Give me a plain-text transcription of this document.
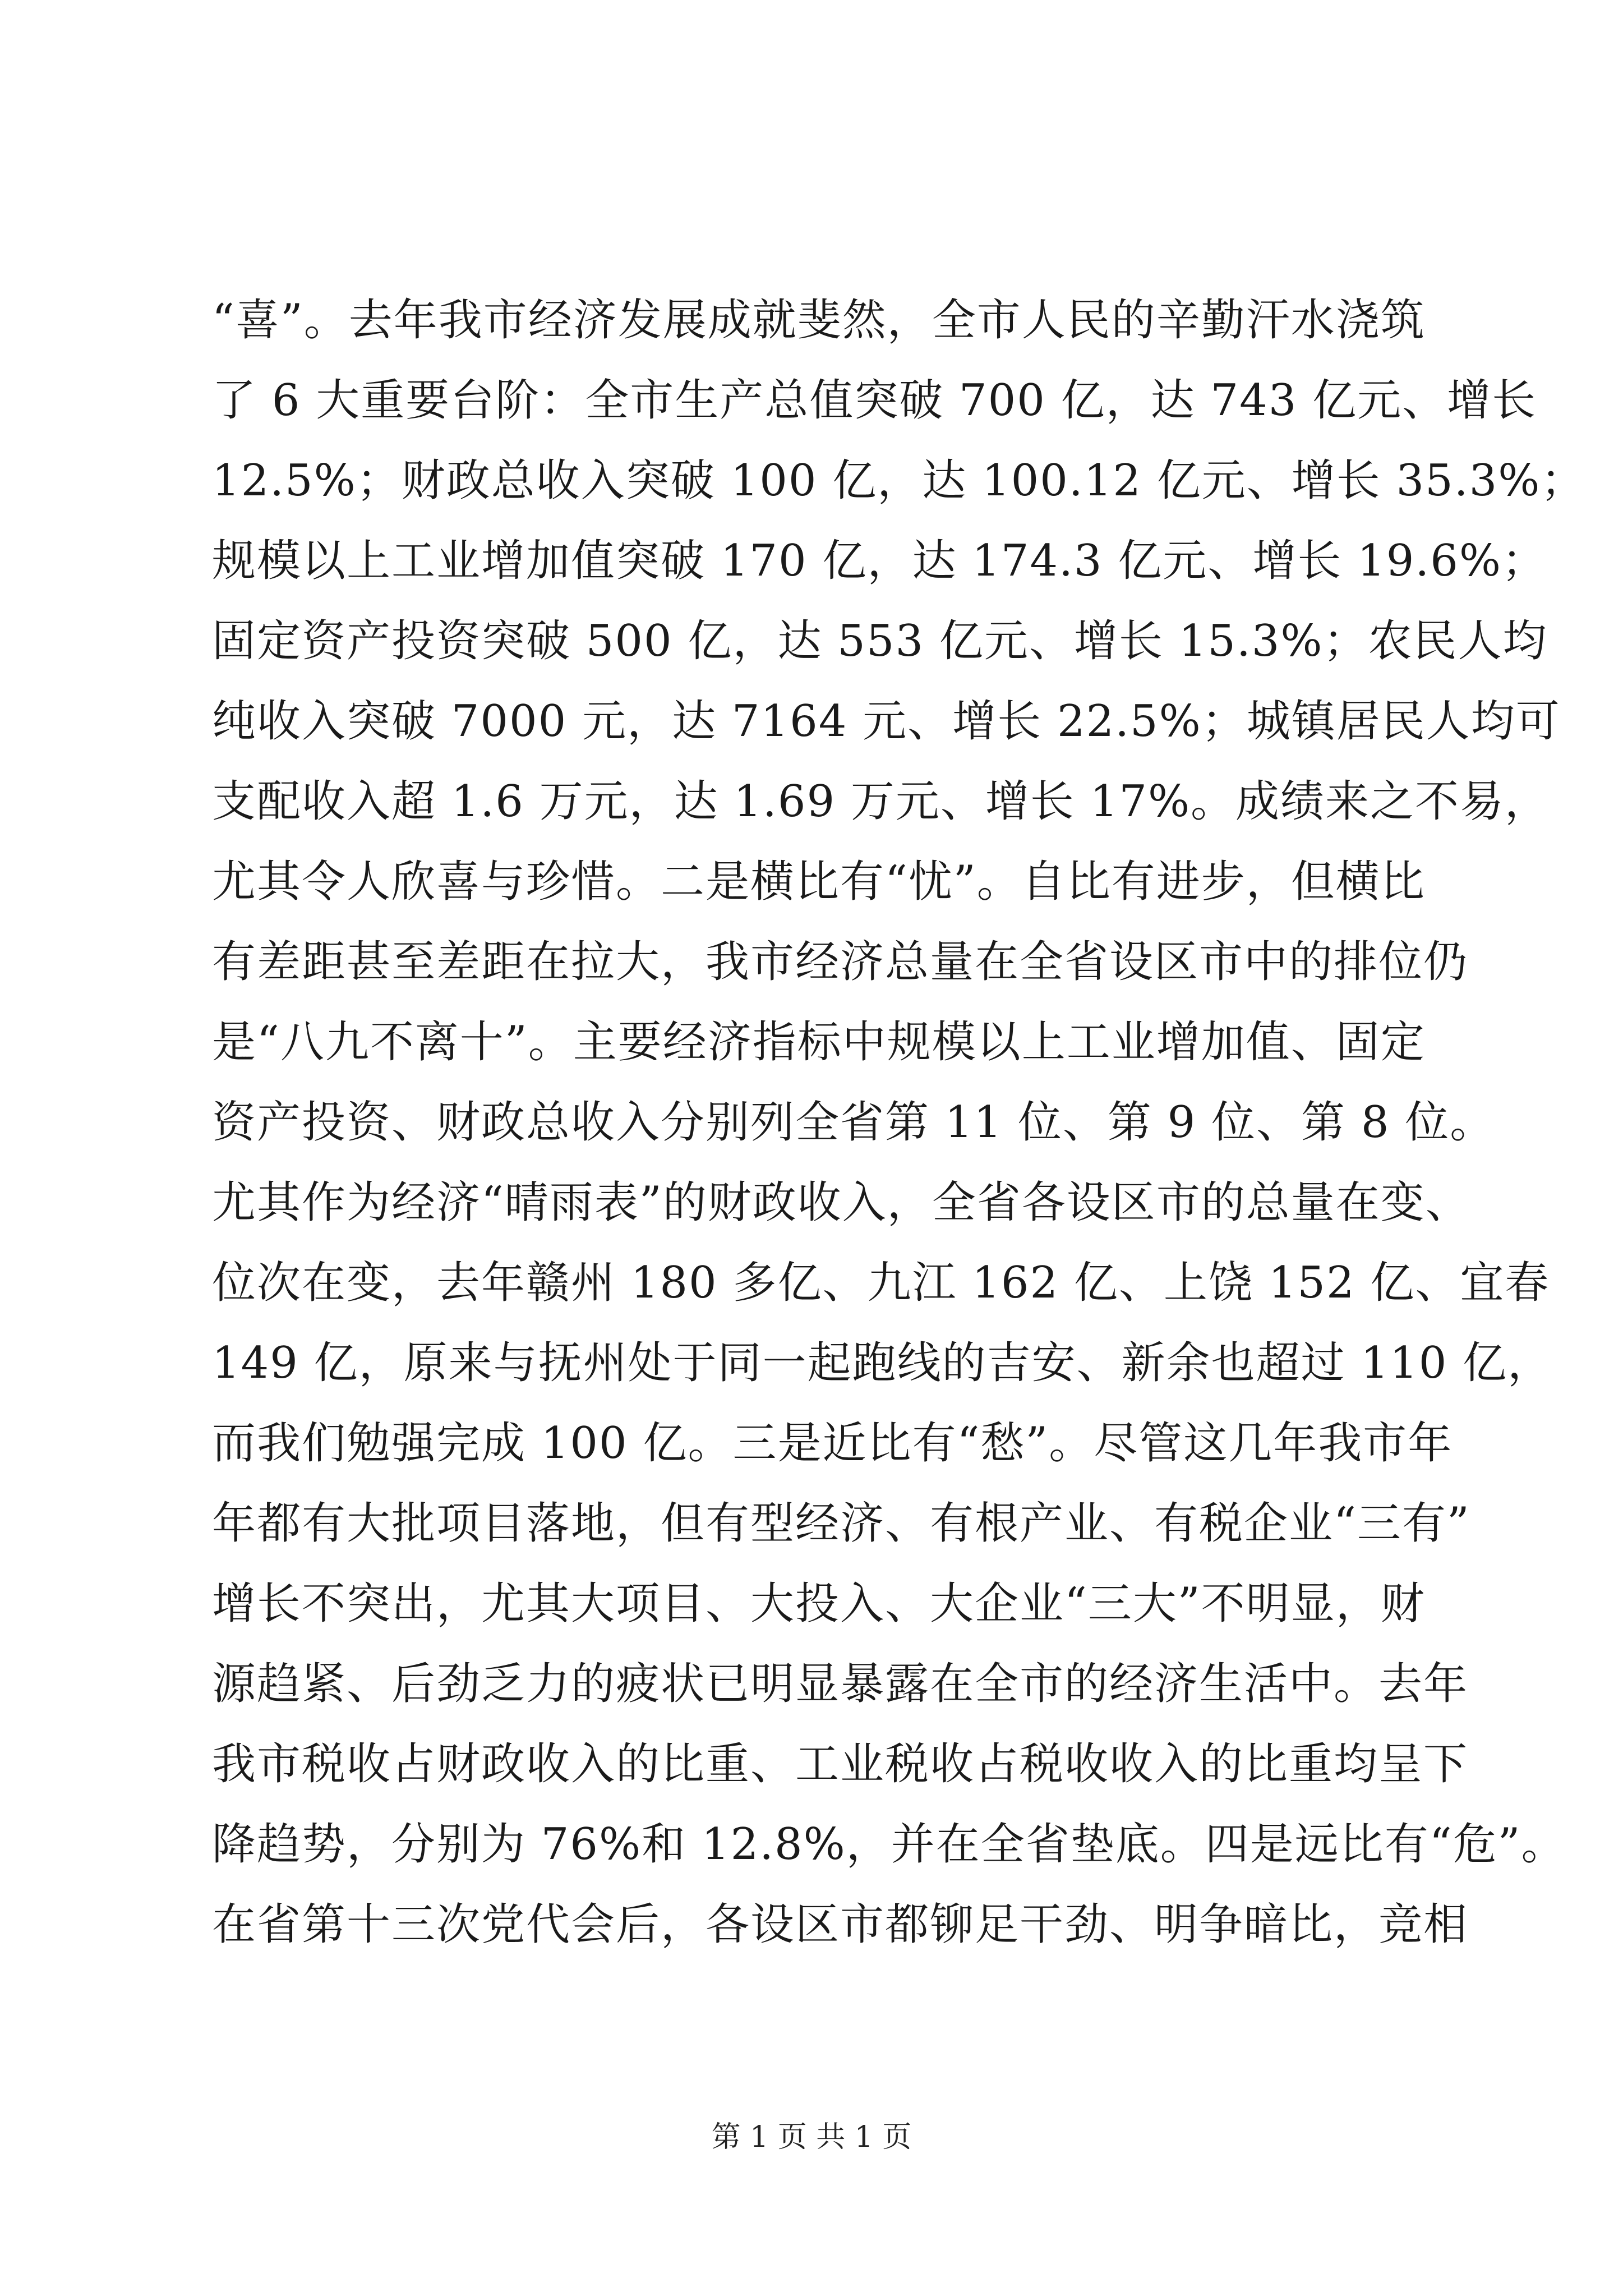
“喜”。去年我市经济发展成就斐然，全市人民的辛勤汗水浇筑
了 6 大重要台阶：全市生产总值突破 700 亿，达 743 亿元、增长
12.5%；财政总收入突破 100 亿，达 100.12 亿元、增长 35.3%；
规模以上工业增加值突破 170 亿，达 174.3 亿元、增长 19.6%；
固定资产投资突破 500 亿，达 553 亿元、增长 15.3%；农民人均
纯收入突破 7000 元，达 7164 元、增长 22.5%；城镇居民人均可
支配收入超 1.6 万元，达 1.69 万元、增长 17%。成绩来之不易，
尤其令人欣喜与珍惜。二是横比有“忧”。自比有进步，但横比
有差距甚至差距在拉大，我市经济总量在全省设区市中的排位仍
是“八九不离十”。主要经济指标中规模以上工业增加值、固定
资产投资、财政总收入分别列全省第 11 位、第 9 位、第 8 位。
尤其作为经济“晴雨表”的财政收入，全省各设区市的总量在变、
位次在变，去年赣州 180 多亿、九江 162 亿、上饶 152 亿、宜春
149 亿，原来与抚州处于同一起跑线的吉安、新余也超过 110 亿，
而我们勉强完成 100 亿。三是近比有“愁”。尽管这几年我市年
年都有大批项目落地，但有型经济、有根产业、有税企业“三有”
增长不突出，尤其大项目、大投入、大企业“三大”不明显，财
源趋紧、后劲乏力的疲状已明显暴露在全市的经济生活中。去年
我市税收占财政收入的比重、工业税收占税收收入的比重均呈下
降趋势，分别为 76%和 12.8%，并在全省垫底。四是远比有“危”。
在省第十三次党代会后，各设区市都铆足干劲、明争暗比，竞相
第 1 页 共 1 页
